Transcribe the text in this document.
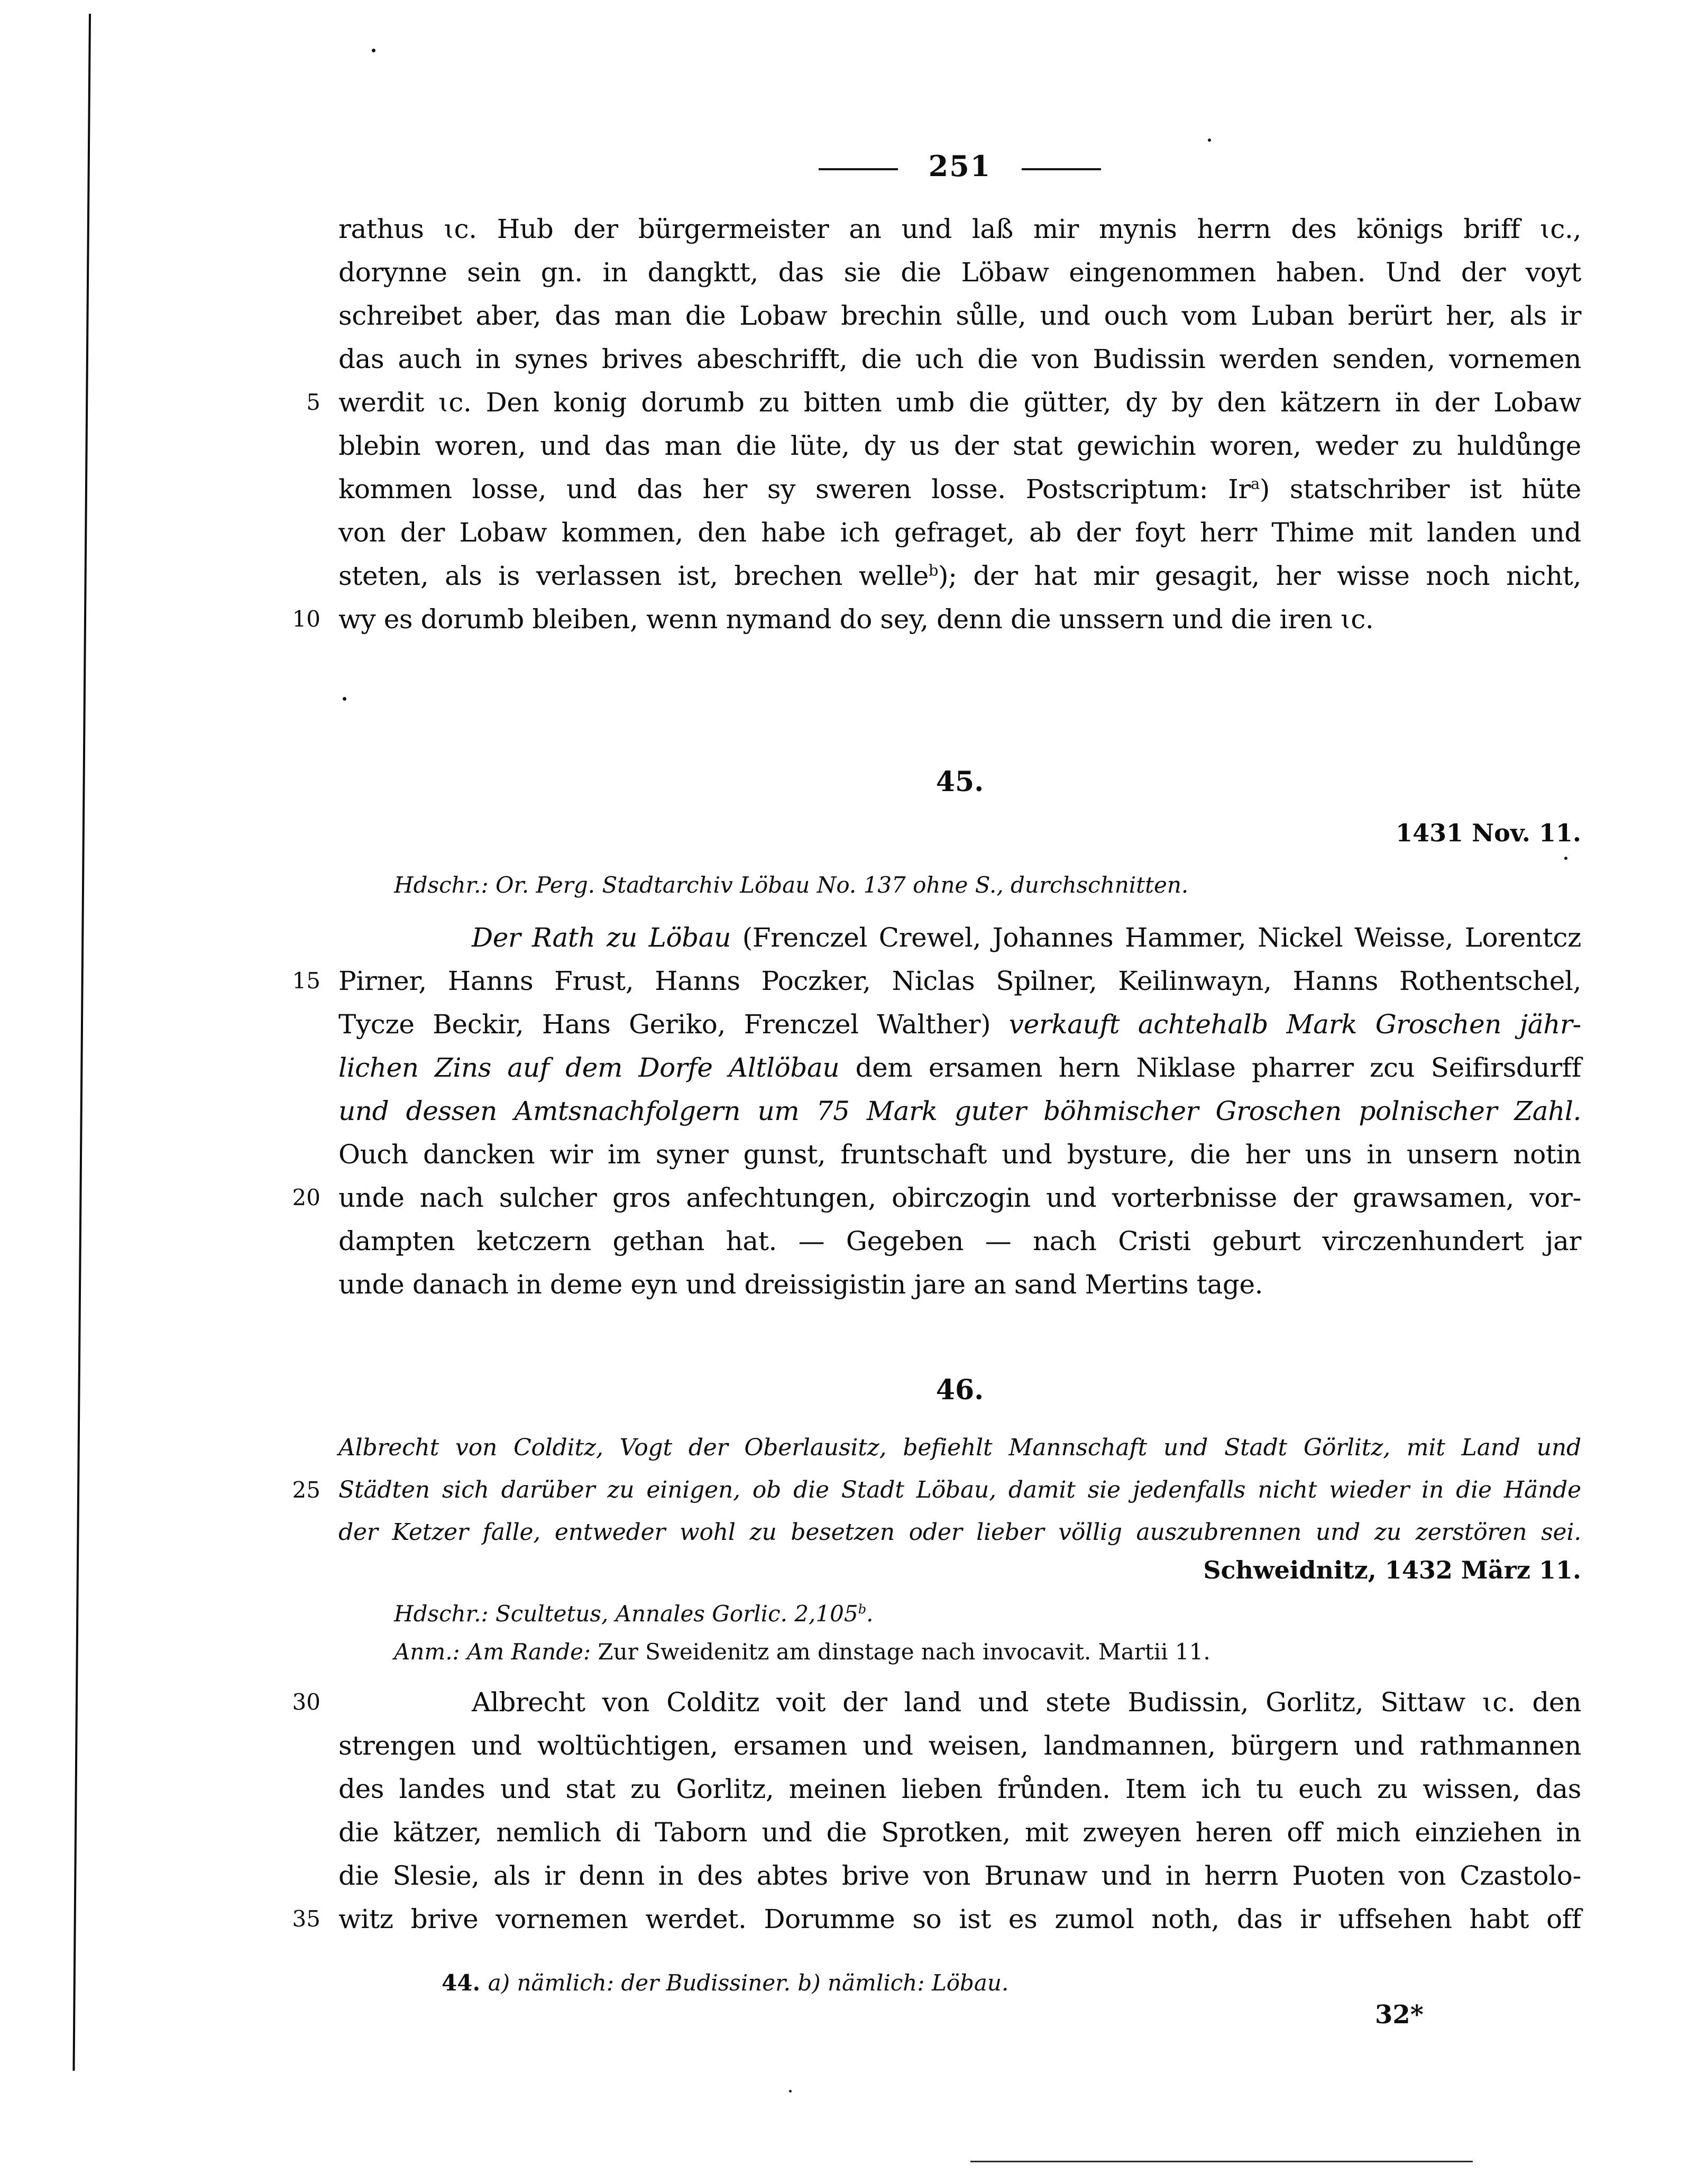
251
rathus ɩc. Hub der bürgermeister an und laß mir mynis herrn des königs briff ɩc.,
dorynne sein gn. in dangktt, das sie die Löbaw eingenommen haben. Und der voyt
schreibet aber, das man die Lobaw brechin sůlle, und ouch vom Luban berürt her, als ir
das auch in synes brives abeschrifft, die uch die von Budissin werden senden, vornemen
werdit ɩc. Den konig dorumb zu bitten umb die gütter, dy by den kätzern in der Lobaw
blebin woren, und das man die lüte, dy us der stat gewichin woren, weder zu huldůnge
kommen losse, und das her sy sweren losse. Postscriptum: Ir$^a$) statschriber ist hüte
von der Lobaw kommen, den habe ich gefraget, ab der foyt herr Thime mit landen und
steten, als is verlassen ist, brechen welle$^b$); der hat mir gesagit, her wisse noch nicht,
wy es dorumb bleiben, wenn nymand do sey, denn die unssern und die iren ɩc.
5
10
45.
1431 Nov. 11.
Hdschr.: Or. Perg. Stadtarchiv Löbau No. 137 ohne S., durchschnitten.
Der Rath zu Löbau (Frenczel Crewel, Johannes Hammer, Nickel Weisse, Lorentcz
Pirner, Hanns Frust, Hanns Poczker, Niclas Spilner, Keilinwayn, Hanns Rothentschel,
Tycze Beckir, Hans Geriko, Frenczel Walther) verkauft achtehalb Mark Groschen jähr-
lichen Zins auf dem Dorfe Altlöbau dem ersamen hern Niklase pharrer zcu Seifirsdurff
und dessen Amtsnachfolgern um 75 Mark guter böhmischer Groschen polnischer Zahl.
Ouch dancken wir im syner gunst, fruntschaft und bysture, die her uns in unsern notin
unde nach sulcher gros anfechtungen, obirczogin und vorterbnisse der grawsamen, vor-
dampten ketczern gethan hat. — Gegeben — nach Cristi geburt virczenhundert jar
unde danach in deme eyn und dreissigistin jare an sand Mertins tage.
15
20
46.
Albrecht von Colditz, Vogt der Oberlausitz, befiehlt Mannschaft und Stadt Görlitz, mit Land und
Städten sich darüber zu einigen, ob die Stadt Löbau, damit sie jedenfalls nicht wieder in die Hände
der Ketzer falle, entweder wohl zu besetzen oder lieber völlig auszubrennen und zu zerstören sei.
25
Schweidnitz, 1432 März 11.
Hdschr.: Scultetus, Annales Gorlic. 2,105$^b$.
Anm.: Am Rande: Zur Sweidenitz am dinstage nach invocavit. Martii 11.
Albrecht von Colditz voit der land und stete Budissin, Gorlitz, Sittaw ɩc. den
strengen und woltüchtigen, ersamen und weisen, landmannen, bürgern und rathmannen
des landes und stat zu Gorlitz, meinen lieben frůnden. Item ich tu euch zu wissen, das
die kätzer, nemlich di Taborn und die Sprotken, mit zweyen heren off mich einziehen in
die Slesie, als ir denn in des abtes brive von Brunaw und in herrn Puoten von Czastolo-
witz brive vornemen werdet. Dorumme so ist es zumol noth, das ir uffsehen habt off
30
35
44. a) nämlich: der Budissiner. b) nämlich: Löbau.
32*
